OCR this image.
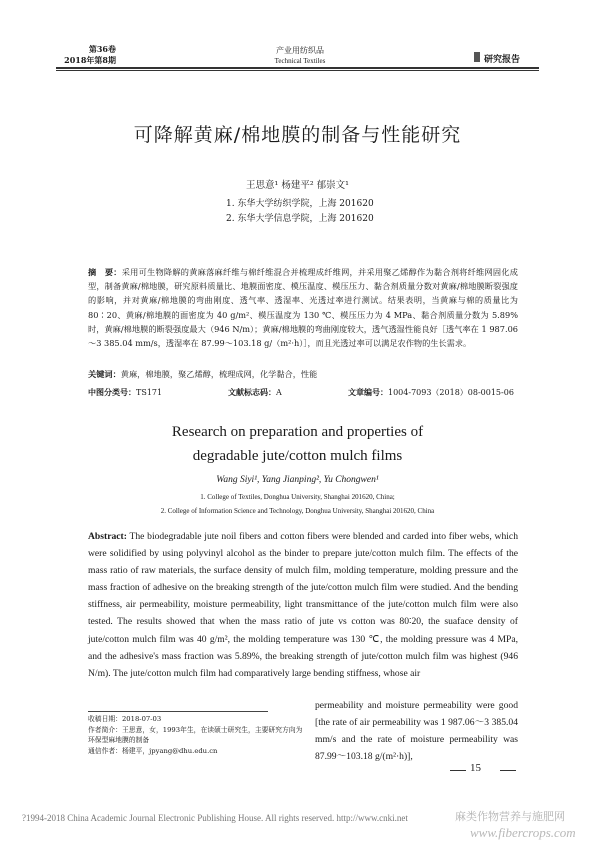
第36卷
2018年第8期
产业用纺织品
Technical Textiles	研究报告
可降解黄麻/棉地膜的制备与性能研究
王思意¹ 杨建平² 郁崇文¹
1. 东华大学纺织学院，上海 201620
2. 东华大学信息学院，上海 201620
摘　要：采用可生物降解的黄麻落麻纤维与棉纤维混合并梳理成纤维网，并采用聚乙烯醇作为黏合剂将纤维网固化成型，制备黄麻/棉地膜，研究原料质量比、地膜面密度、模压温度、模压压力、黏合剂质量分数对黄麻/棉地膜断裂强度的影响，并对黄麻/棉地膜的弯曲刚度、透气率、透湿率、光透过率进行测试。结果表明，当黄麻与棉的质量比为 80∶20、黄麻/棉地膜的面密度为 40 g/m²、模压温度为 130 ℃、模压压力为 4 MPa、黏合剂质量分数为 5.89% 时，黄麻/棉地膜的断裂强度最大（946 N/m）；黄麻/棉地膜的弯曲刚度较大，透气透湿性能良好［透气率在 1 987.06～3 385.04 mm/s，透湿率在 87.99～103.18 g/（m²·h）］，而且光透过率可以满足农作物的生长需求。
关键词：黄麻，棉地膜，聚乙烯醇，梳理成网，化学黏合，性能
中图分类号：TS171	文献标志码：A	文章编号：1004-7093（2018）08-0015-06
Research on preparation and properties of
degradable jute/cotton mulch films
Wang Siyi¹, Yang Jianping², Yu Chongwen¹
1. College of Textiles, Donghua University, Shanghai 201620, China;
2. College of Information Science and Technology, Donghua University, Shanghai 201620, China
Abstract: The biodegradable jute noil fibers and cotton fibers were blended and carded into fiber webs, which were solidified by using polyvinyl alcohol as the binder to prepare jute/cotton mulch film. The effects of the mass ratio of raw materials, the surface density of mulch film, molding temperature, molding pressure and the mass fraction of adhesive on the breaking strength of the jute/cotton mulch film were studied. And the bending stiffness, air permeability, moisture permeability, light transmittance of the jute/cotton mulch film were also tested. The results showed that when the mass ratio of jute vs cotton was 80∶20, the suaface density of jute/cotton mulch film was 40 g/m², the molding temperature was 130 ℃, the molding pressure was 4 MPa, and the adhesive's mass fraction was 5.89%, the breaking strength of jute/cotton mulch film was highest (946 N/m). The jute/cotton mulch film had comparatively large bending stiffness, whose air
permeability and moisture permeability were good [the rate of air permeability was 1 987.06～3 385.04 mm/s and the rate of moisture permeability was 87.99～103.18 g/(m²·h)],
收稿日期：2018-07-03
作者简介：王思意，女，1993年生，在读硕士研究生，主要研究方向为环保型麻地膜的制备
通信作者：杨建平，jpyang@dhu.edu.cn
15
?1994-2018 China Academic Journal Electronic Publishing House. All rights reserved. http://www.cnki.net	麻类作物营养与施肥网
www.fibercrops.com
